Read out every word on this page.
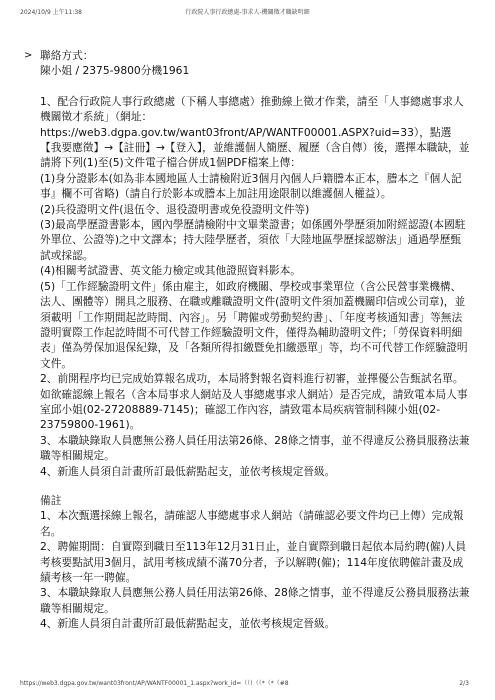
2024/10/9 上午11:38	行政院人事行政總處-事求人-機關徵才職缺明細
> 聯絡方式：

陳小姐 / 2375-9800分機1961

1、配合行政院人事行政總處（下稱人事總處）推動線上徵才作業，請至「人事總處事求人機關徵才系統」（網址：

https://web3.dgpa.gov.tw/want03front/AP/WANTF00001.ASPX?uid=33），點選【我要應徵】→【註冊】→【登入】，並維護個人簡歷、履歷（含自傳）後，選擇本職缺，並請將下列(1)至(5)文件電子檔合併成1個PDF檔案上傳：

(1)身分證影本(如為非本國地區人士請檢附近3個月內個人戶籍謄本正本，謄本之『個人記事』欄不可省略)（請自行於影本或謄本上加註用途限制以維護個人權益）。

(2)兵役證明文件(退伍令、退役證明書或免役證明文件等)

(3)最高學歷證書影本，國內學歷請檢附中文畢業證書；如係國外學歷須加附經認證(本國駐外單位、公證等)之中文譯本；持大陸學歷者，須依「大陸地區學歷採認辦法」通過學歷甄試或採認。

(4)相關考試證書、英文能力檢定或其他證照資料影本。

(5)「工作經驗證明文件」係由雇主，如政府機關、學校或事業單位（含公民營事業機構、法人、團體等）開具之服務、在職或離職證明文件(證明文件須加蓋機關印信或公司章)，並須載明「工作期間起訖時間、內容」。另「聘僱或勞動契約書」、「年度考核通知書」等無法證明實際工作起訖時間不可代替工作經驗證明文件，僅得為輔助證明文件；「勞保資料明細表」僅為勞保加退保紀錄，及「各類所得扣繳暨免扣繳憑單」等，均不可代替工作經驗證明文件。

2、前開程序均已完成始算報名成功，本局將對報名資料進行初審，並擇優公告甄試名單。如欲確認線上報名（含本局事求人網站及人事總處事求人網站）是否完成，請致電本局人事室邱小姐(02-27208889-7145)；確認工作內容，請致電本局疾病管制科陳小姐(02-23759800-1961)。

3、本職缺錄取人員應無公務人員任用法第26條、28條之情事，並不得違反公務員服務法兼職等相關規定。

4、新進人員須自計畫所訂最低薪點起支，並依考核規定晉級。

備註

1、本次甄選採線上報名，請確認人事總處事求人網站（請確認必要文件均已上傳）完成報名。

2、聘僱期間：自實際到職日至113年12月31日止，並自實際到職日起依本局約聘(僱)人員考核要點試用3個月，試用考核成績不滿70分者，予以解聘(僱)；114年度依聘僱計畫及成績考核一年一聘僱。

3、本職缺錄取人員應無公務人員任用法第26條、28條之情事，並不得違反公務員服務法兼職等相關規定。

4、新進人員須自計畫所訂最低薪點起支，並依考核規定晉級。

https://web3.dgpa.gov.tw/want03front/AP/WANTF00001_1.aspx?work_id=（（!（（*（*（#8	2/3
